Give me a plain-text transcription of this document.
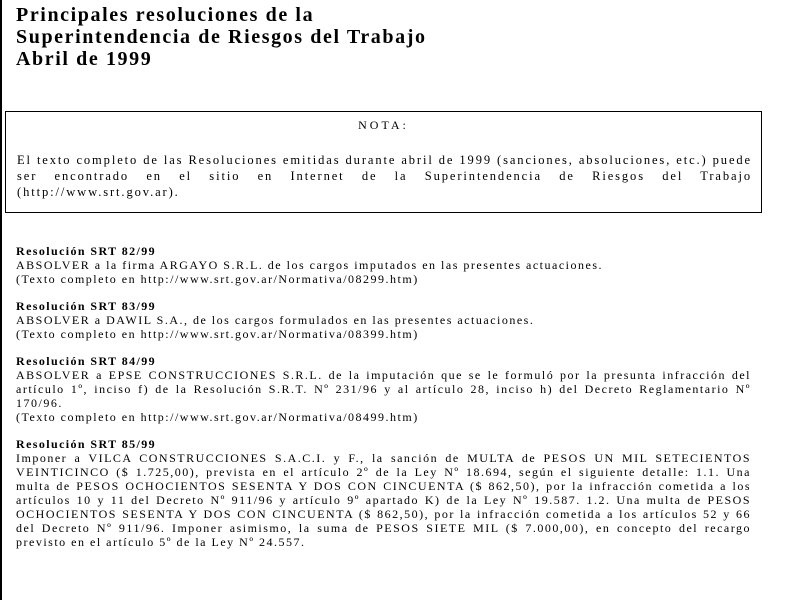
Principales resoluciones de la
Superintendencia de Riesgos del Trabajo
Abril de 1999
NOTA:
El texto completo de las Resoluciones emitidas durante abril de 1999 (sanciones, absoluciones, etc.) puede ser encontrado en el sitio en Internet de la Superintendencia de Riesgos del Trabajo (http://www.srt.gov.ar).
Resolución SRT 82/99
ABSOLVER a la firma ARGAYO S.R.L. de los cargos imputados en las presentes actuaciones.
(Texto completo en http://www.srt.gov.ar/Normativa/08299.htm)
Resolución SRT 83/99
ABSOLVER a DAWIL S.A., de los cargos formulados en las presentes actuaciones.
(Texto completo en http://www.srt.gov.ar/Normativa/08399.htm)
Resolución SRT 84/99
ABSOLVER a EPSE CONSTRUCCIONES S.R.L. de la imputación que se le formuló por la presunta infracción del artículo 1º, inciso f) de la Resolución S.R.T. Nº 231/96 y al artículo 28, inciso h) del Decreto Reglamentario Nº 170/96.
(Texto completo en http://www.srt.gov.ar/Normativa/08499.htm)
Resolución SRT 85/99
Imponer a VILCA CONSTRUCCIONES S.A.C.I. y F., la sanción de MULTA de PESOS UN MIL SETECIENTOS VEINTICINCO ($ 1.725,00), prevista en el artículo 2º de la Ley Nº 18.694, según el siguiente detalle: 1.1. Una multa de PESOS OCHOCIENTOS SESENTA Y DOS CON CINCUENTA ($ 862,50), por la infracción cometida a los artículos 10 y 11 del Decreto Nº 911/96 y artículo 9º apartado K) de la Ley Nº 19.587. 1.2. Una multa de PESOS OCHOCIENTOS SESENTA Y DOS CON CINCUENTA ($ 862,50), por la infracción cometida a los artículos 52 y 66 del Decreto Nº 911/96. Imponer asimismo, la suma de PESOS SIETE MIL ($ 7.000,00), en concepto del recargo previsto en el artículo 5º de la Ley Nº 24.557.
